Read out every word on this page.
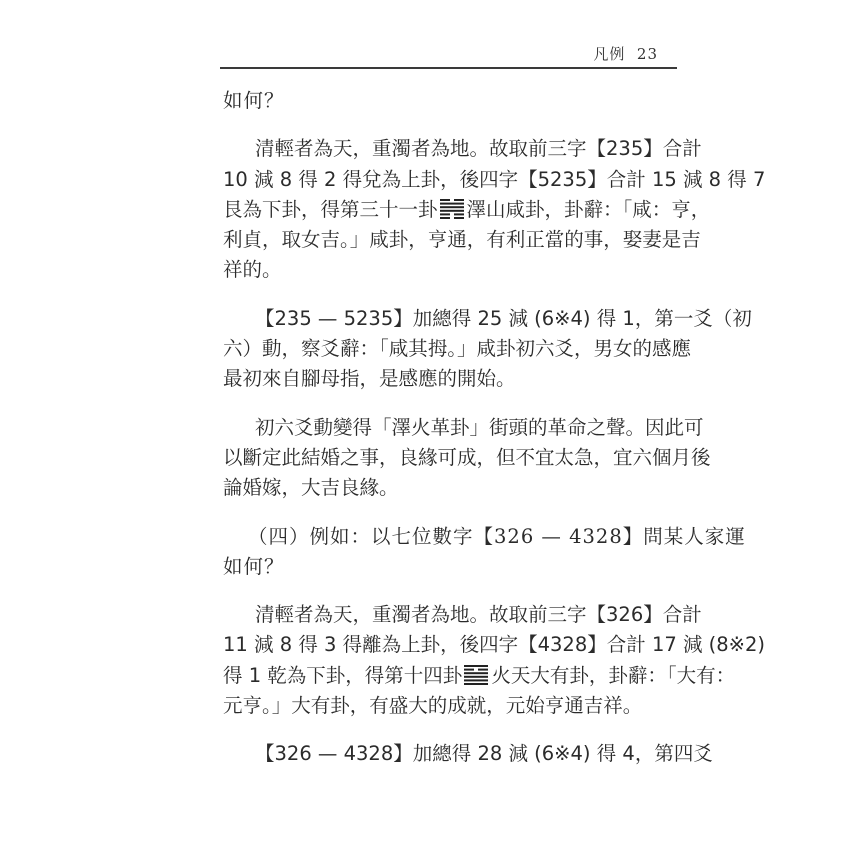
凡例 23

如何？

清輕者為天，重濁者為地。故取前三字【235】合計
10 減 8 得 2 得兌為上卦，後四字【5235】合計 15 減 8 得 7
艮為下卦，得第三十一卦 澤山咸卦，卦辭：「咸：亨，
利貞，取女吉。」咸卦，亨通，有利正當的事，娶妻是吉
祥的。
【235 — 5235】加總得 25 減 (6※4) 得 1，第一爻（初
六）動，察爻辭：「咸其拇。」咸卦初六爻，男女的感應
最初來自腳母指，是感應的開始。
初六爻動變得「澤火革卦」街頭的革命之聲。因此可
以斷定此結婚之事，良緣可成，但不宜太急，宜六個月後
論婚嫁，大吉良緣。
（四）例如：以七位數字【326 — 4328】問某人家運
如何？
清輕者為天，重濁者為地。故取前三字【326】合計
11 減 8 得 3 得離為上卦，後四字【4328】合計 17 減 (8※2)
得 1 乾為下卦，得第十四卦 火天大有卦，卦辭：「大有：
元亨。」大有卦，有盛大的成就，元始亨通吉祥。
【326 — 4328】加總得 28 減 (6※4) 得 4，第四爻
